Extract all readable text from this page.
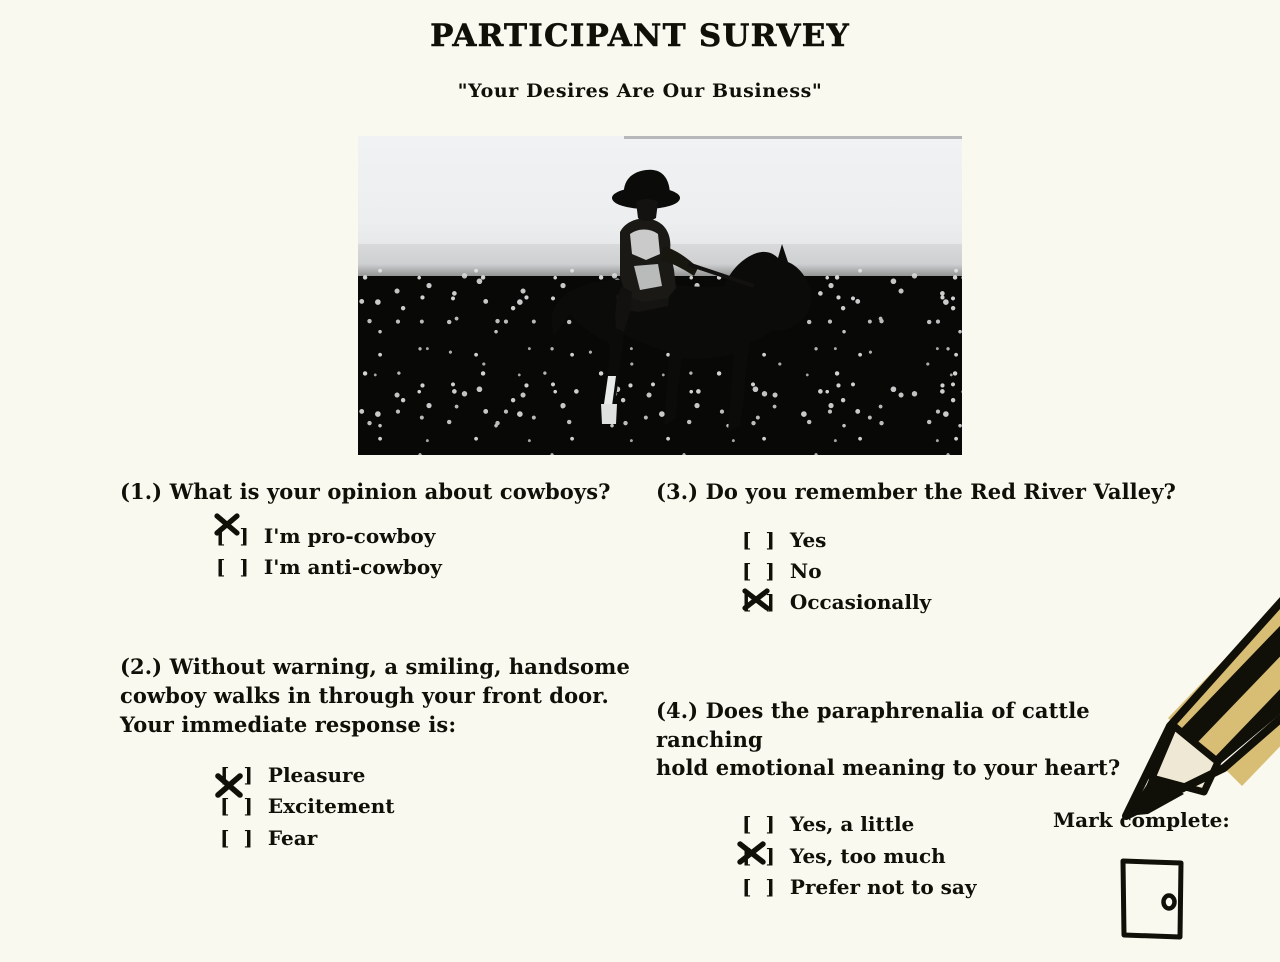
PARTICIPANT SURVEY
"Your Desires Are Our Business"

(1.) What is your opinion about cowboys?

[ ] I'm pro-cowboy
[ ] I'm anti-cowboy

(2.) Without warning, a smiling, handsome
cowboy walks in through your front door.
Your immediate response is:

[ ] Pleasure
[ ] Excitement
[ ] Fear

(3.) Do you remember the Red River Valley?

[ ] Yes
[ ] No
[ ] Occasionally

(4.) Does the paraphrenalia of cattle ranching
hold emotional meaning to your heart?

[ ] Yes, a little
[ ] Yes, too much
[ ] Prefer not to say
Mark complete:
